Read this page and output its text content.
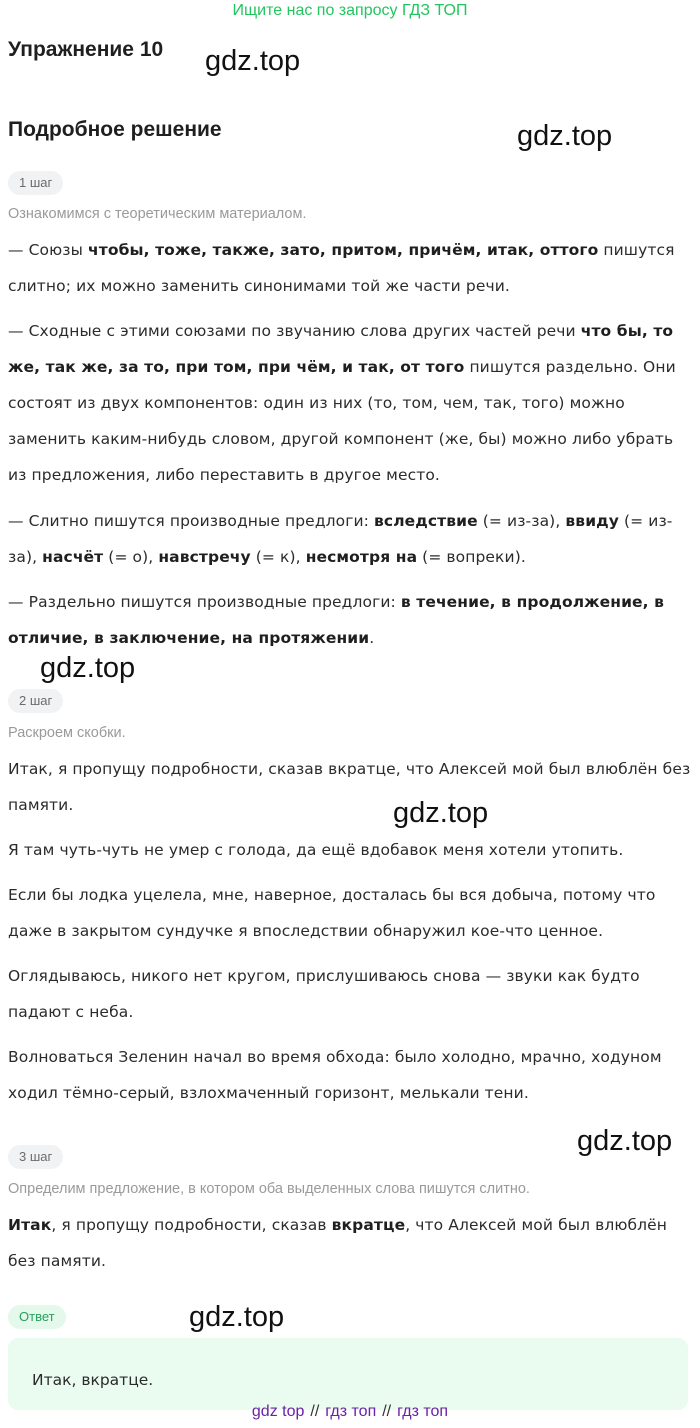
Ищите нас по запросу ГДЗ ТОП
Упражнение 10
Подробное решение
gdz.top
gdz.top
gdz.top
gdz.top
gdz.top
gdz.top
1 шаг
Ознакомимся с теоретическим материалом.

— Союзы чтобы, тоже, также, зато, притом, причём, итак, оттого пишутся слитно; их можно заменить синонимами той же части речи.

— Сходные с этими союзами по звучанию слова других частей речи что бы, то же, так же, за то, при том, при чём, и так, от того пишутся раздельно. Они состоят из двух компонентов: один из них (то, том, чем, так, того) можно заменить каким-нибудь словом, другой компонент (же, бы) можно либо убрать из предложения, либо переставить в другое место.

— Слитно пишутся производные предлоги: вследствие (= из-за), ввиду (= из-за), насчёт (= о), навстречу (= к), несмотря на (= вопреки).

— Раздельно пишутся производные предлоги: в течение, в продолжение, в отличие, в заключение, на протяжении.

2 шаг
Раскроем скобки.

Итак, я пропущу подробности, сказав вкратце, что Алексей мой был влюблён без памяти.

Я там чуть-чуть не умер с голода, да ещё вдобавок меня хотели утопить.

Если бы лодка уцелела, мне, наверное, досталась бы вся добыча, потому что даже в закрытом сундучке я впоследствии обнаружил кое-что ценное.

Оглядываюсь, никого нет кругом, прислушиваюсь снова — звуки как будто падают с неба.

Волноваться Зеленин начал во время обхода: было холодно, мрачно, ходуном ходил тёмно-серый, взлохмаченный горизонт, мелькали тени.

3 шаг
Определим предложение, в котором оба выделенных слова пишутся слитно.

Итак, я пропущу подробности, сказав вкратце, что Алексей мой был влюблён без памяти.

Ответ
Итак, вкратце.
gdz top // гдз топ // гдз топ
